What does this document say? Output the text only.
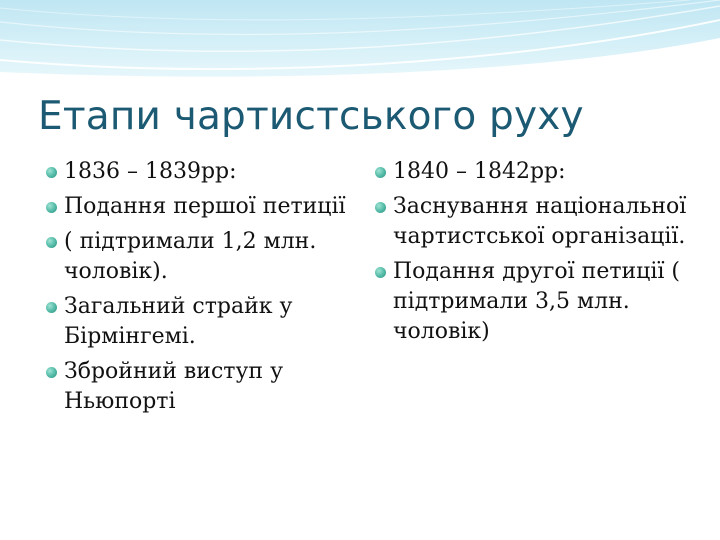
Етапи чартистського руху
1836 – 1839рр:
Подання першої петиції
( підтримали 1,2 млн. чоловік).
Загальний страйк у Бірмінгемі.
Збройний виступ у Ньюпорті
1840 – 1842рр:
Заснування національної чартистської організації.
Подання другої петиції ( підтримали 3,5 млн. чоловік)
